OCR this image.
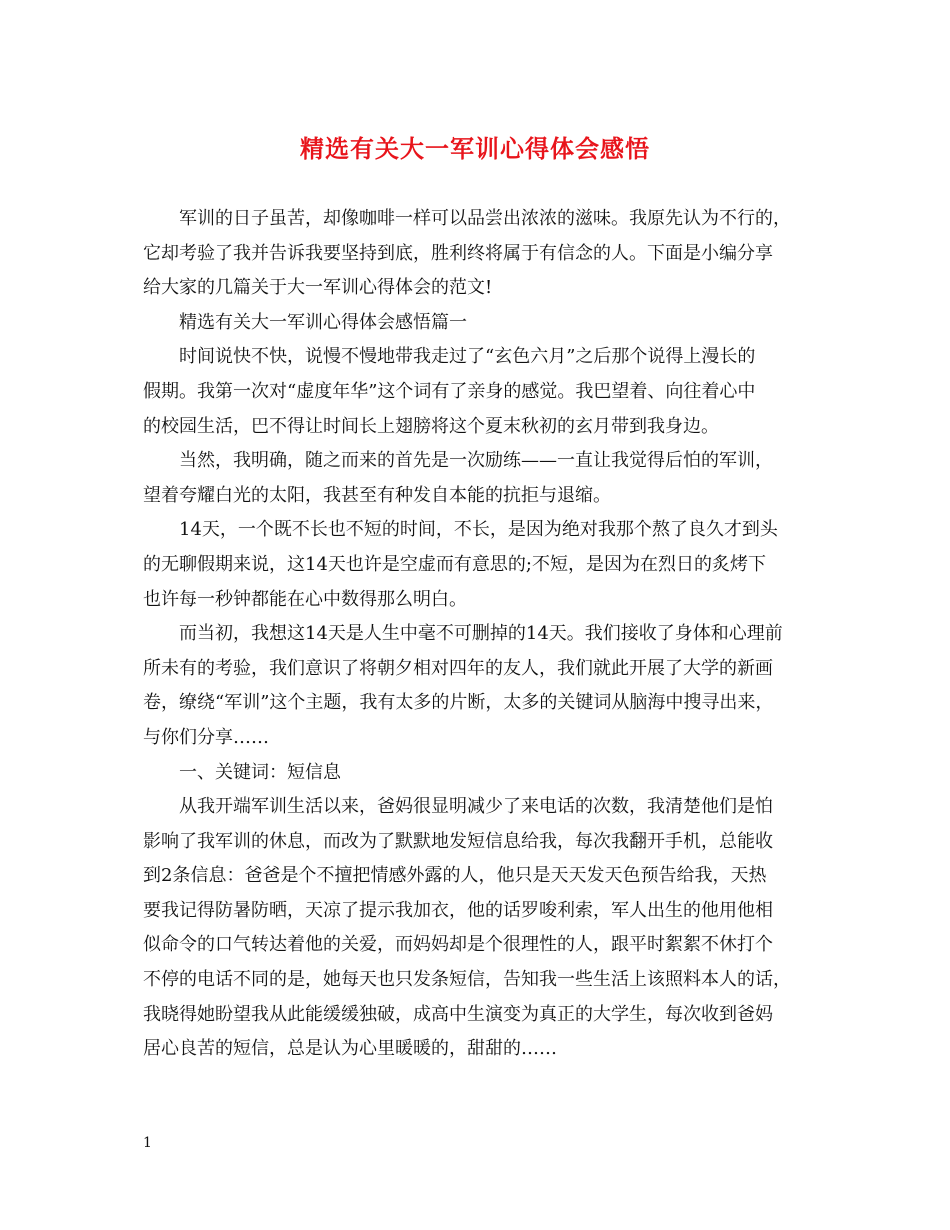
精选有关大一军训心得体会感悟
军训的日子虽苦，却像咖啡一样可以品尝出浓浓的滋味。我原先认为不行的，
它却考验了我并告诉我要坚持到底，胜利终将属于有信念的人。下面是小编分享
给大家的几篇关于大一军训心得体会的范文!
精选有关大一军训心得体会感悟篇一
时间说快不快，说慢不慢地带我走过了“玄色六月”之后那个说得上漫长的
假期。我第一次对“虚度年华”这个词有了亲身的感觉。我巴望着、向往着心中
的校园生活，巴不得让时间长上翅膀将这个夏末秋初的玄月带到我身边。
当然，我明确，随之而来的首先是一次励练——一直让我觉得后怕的军训，
望着夸耀白光的太阳，我甚至有种发自本能的抗拒与退缩。
14天，一个既不长也不短的时间，不长，是因为绝对我那个熬了良久才到头
的无聊假期来说，这14天也许是空虚而有意思的;不短，是因为在烈日的炙烤下
也许每一秒钟都能在心中数得那么明白。
而当初，我想这14天是人生中毫不可删掉的14天。我们接收了身体和心理前
所未有的考验，我们意识了将朝夕相对四年的友人，我们就此开展了大学的新画
卷，缭绕“军训”这个主题，我有太多的片断，太多的关键词从脑海中搜寻出来，
与你们分享……
一、关键词：短信息
从我开端军训生活以来，爸妈很显明减少了来电话的次数，我清楚他们是怕
影响了我军训的休息，而改为了默默地发短信息给我，每次我翻开手机，总能收
到2条信息：爸爸是个不擅把情感外露的人，他只是天天发天色预告给我，天热
要我记得防暑防晒，天凉了提示我加衣，他的话罗唆利索，军人出生的他用他相
似命令的口气转达着他的关爱，而妈妈却是个很理性的人，跟平时絮絮不休打个
不停的电话不同的是，她每天也只发条短信，告知我一些生活上该照料本人的话，
我晓得她盼望我从此能缓缓独破，成高中生演变为真正的大学生，每次收到爸妈
居心良苦的短信，总是认为心里暖暖的，甜甜的……
1
